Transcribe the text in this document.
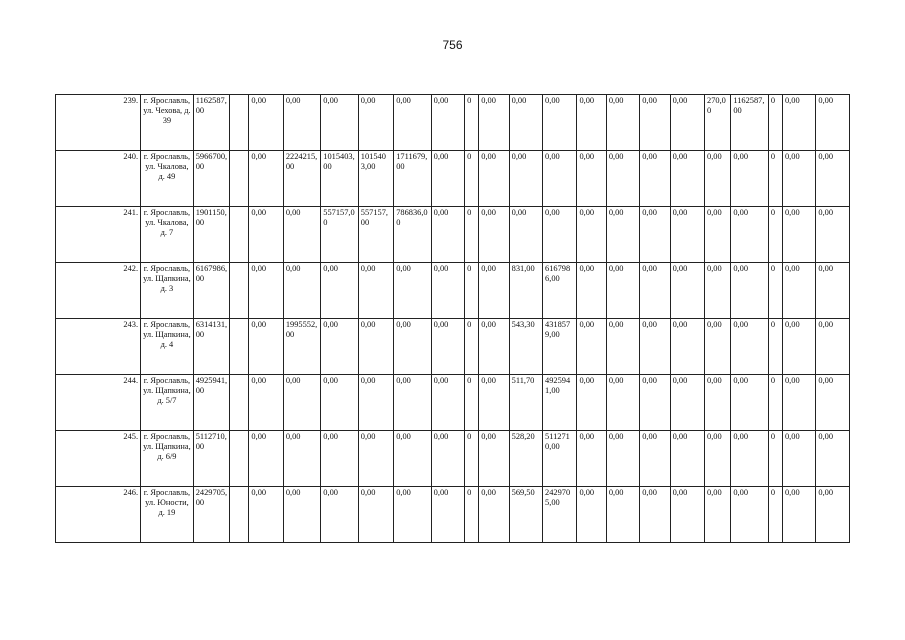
756
239.	г. Ярославль, ул. Чехова, д. 39	1162587,00		0,00	0,00	0,00	0,00	0,00	0,00	0	0,00	0,00	0,00	0,00	0,00	0,00	0,00	270,00	1162587,00	0	0,00	0,00
240.	г. Ярославль, ул. Чкалова, д. 49	5966700,00		0,00	2224215,00	1015403,00	1015403,00	1711679,00	0,00	0	0,00	0,00	0,00	0,00	0,00	0,00	0,00	0,00	0,00	0	0,00	0,00
241.	г. Ярославль, ул. Чкалова, д. 7	1901150,00		0,00	0,00	557157,00	557157,00	786836,00	0,00	0	0,00	0,00	0,00	0,00	0,00	0,00	0,00	0,00	0,00	0	0,00	0,00
242.	г. Ярославль, ул. Щапкина, д. 3	6167986,00		0,00	0,00	0,00	0,00	0,00	0,00	0	0,00	831,00	6167986,00	0,00	0,00	0,00	0,00	0,00	0,00	0	0,00	0,00
243.	г. Ярославль, ул. Щапкина, д. 4	6314131,00		0,00	1995552,00	0,00	0,00	0,00	0,00	0	0,00	543,30	4318579,00	0,00	0,00	0,00	0,00	0,00	0,00	0	0,00	0,00
244.	г. Ярославль, ул. Щапкина, д. 5/7	4925941,00		0,00	0,00	0,00	0,00	0,00	0,00	0	0,00	511,70	4925941,00	0,00	0,00	0,00	0,00	0,00	0,00	0	0,00	0,00
245.	г. Ярославль, ул. Щапкина, д. 6/9	5112710,00		0,00	0,00	0,00	0,00	0,00	0,00	0	0,00	528,20	5112710,00	0,00	0,00	0,00	0,00	0,00	0,00	0	0,00	0,00
246.	г. Ярославль, ул. Юности, д. 19	2429705,00		0,00	0,00	0,00	0,00	0,00	0,00	0	0,00	569,50	2429705,00	0,00	0,00	0,00	0,00	0,00	0,00	0	0,00	0,00
